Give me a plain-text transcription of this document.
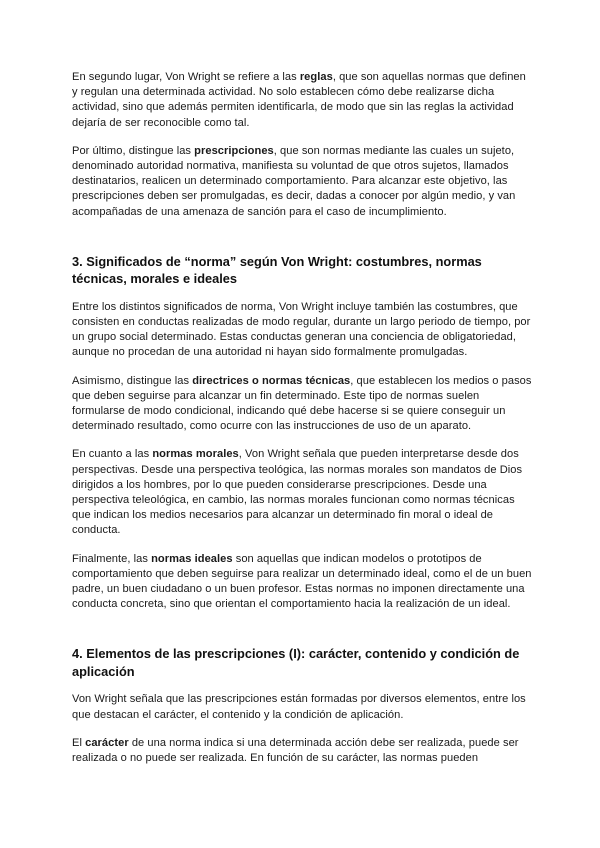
En segundo lugar, Von Wright se refiere a las reglas, que son aquellas normas que definen y regulan una determinada actividad. No solo establecen cómo debe realizarse dicha actividad, sino que además permiten identificarla, de modo que sin las reglas la actividad dejaría de ser reconocible como tal.

Por último, distingue las prescripciones, que son normas mediante las cuales un sujeto, denominado autoridad normativa, manifiesta su voluntad de que otros sujetos, llamados destinatarios, realicen un determinado comportamiento. Para alcanzar este objetivo, las prescripciones deben ser promulgadas, es decir, dadas a conocer por algún medio, y van acompañadas de una amenaza de sanción para el caso de incumplimiento.

3. Significados de “norma” según Von Wright: costumbres, normas técnicas, morales e ideales

Entre los distintos significados de norma, Von Wright incluye también las costumbres, que consisten en conductas realizadas de modo regular, durante un largo periodo de tiempo, por un grupo social determinado. Estas conductas generan una conciencia de obligatoriedad, aunque no procedan de una autoridad ni hayan sido formalmente promulgadas.

Asimismo, distingue las directrices o normas técnicas, que establecen los medios o pasos que deben seguirse para alcanzar un fin determinado. Este tipo de normas suelen formularse de modo condicional, indicando qué debe hacerse si se quiere conseguir un determinado resultado, como ocurre con las instrucciones de uso de un aparato.

En cuanto a las normas morales, Von Wright señala que pueden interpretarse desde dos perspectivas. Desde una perspectiva teológica, las normas morales son mandatos de Dios dirigidos a los hombres, por lo que pueden considerarse prescripciones. Desde una perspectiva teleológica, en cambio, las normas morales funcionan como normas técnicas que indican los medios necesarios para alcanzar un determinado fin moral o ideal de conducta.

Finalmente, las normas ideales son aquellas que indican modelos o prototipos de comportamiento que deben seguirse para realizar un determinado ideal, como el de un buen padre, un buen ciudadano o un buen profesor. Estas normas no imponen directamente una conducta concreta, sino que orientan el comportamiento hacia la realización de un ideal.

4. Elementos de las prescripciones (I): carácter, contenido y condición de aplicación

Von Wright señala que las prescripciones están formadas por diversos elementos, entre los que destacan el carácter, el contenido y la condición de aplicación.

El carácter de una norma indica si una determinada acción debe ser realizada, puede ser realizada o no puede ser realizada. En función de su carácter, las normas pueden
